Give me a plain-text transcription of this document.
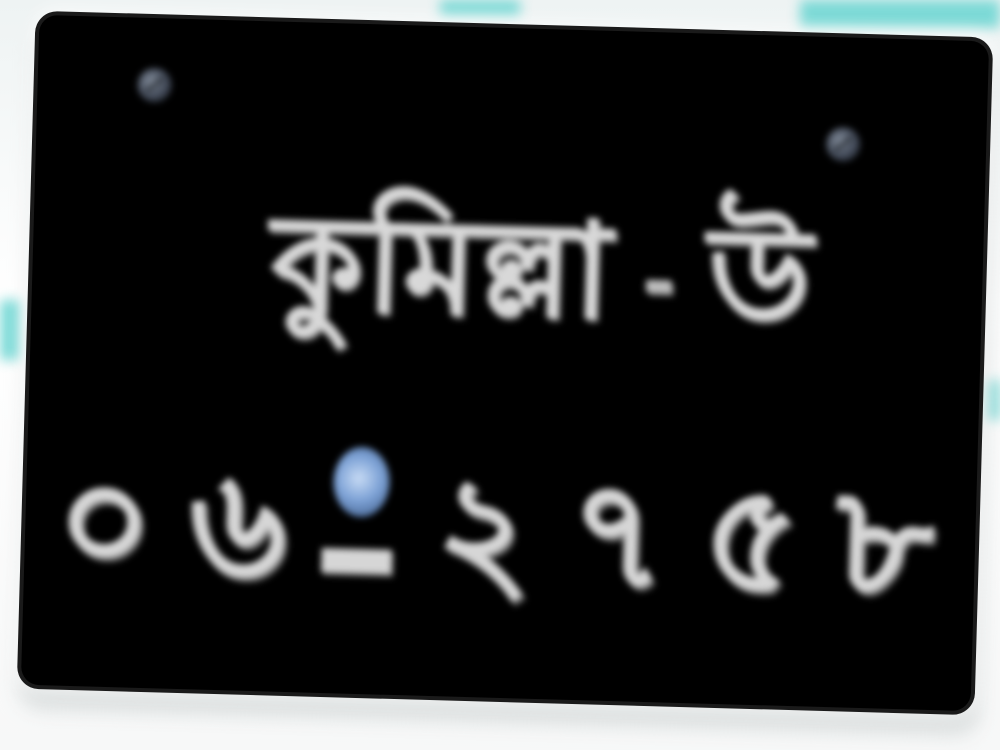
কুমিল্লা - উ
০ ৬ ২ ৭ ৫ ৮
